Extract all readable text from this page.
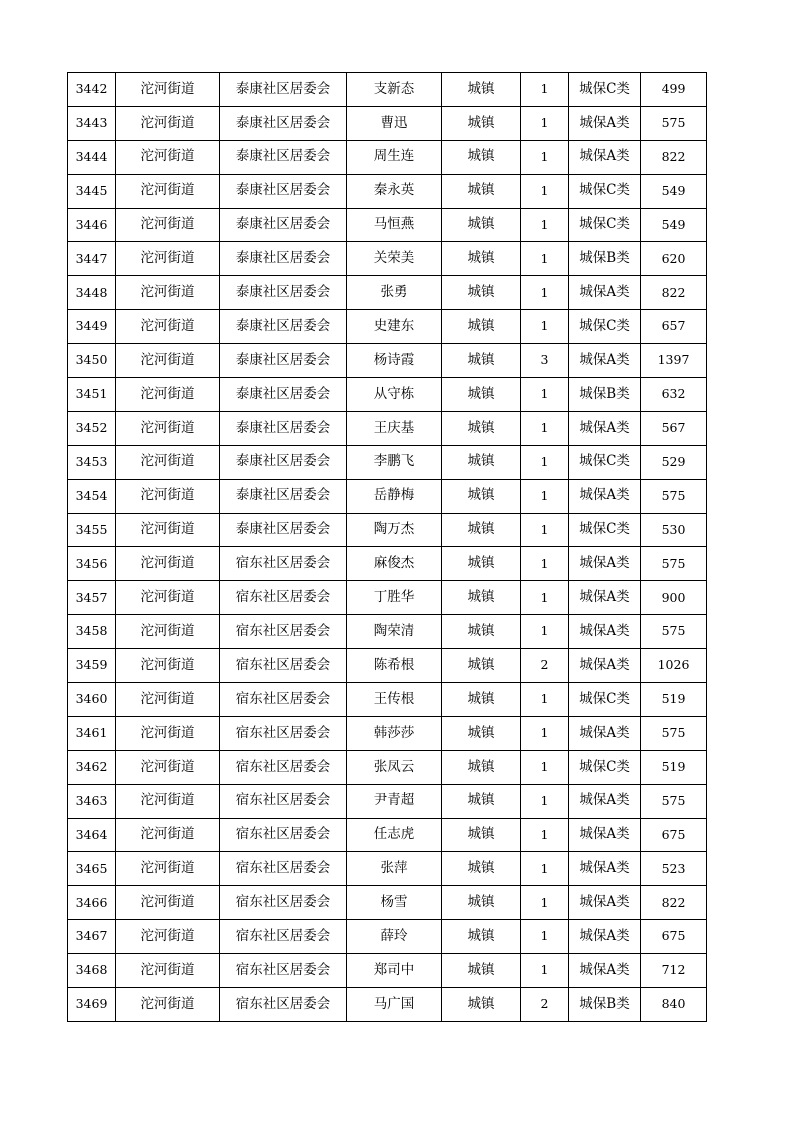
3442	沱河街道	泰康社区居委会	支新态	城镇	1	城保C类	499
3443	沱河街道	泰康社区居委会	曹迅	城镇	1	城保A类	575
3444	沱河街道	泰康社区居委会	周生连	城镇	1	城保A类	822
3445	沱河街道	泰康社区居委会	秦永英	城镇	1	城保C类	549
3446	沱河街道	泰康社区居委会	马恒燕	城镇	1	城保C类	549
3447	沱河街道	泰康社区居委会	关荣美	城镇	1	城保B类	620
3448	沱河街道	泰康社区居委会	张勇	城镇	1	城保A类	822
3449	沱河街道	泰康社区居委会	史建东	城镇	1	城保C类	657
3450	沱河街道	泰康社区居委会	杨诗霞	城镇	3	城保A类	1397
3451	沱河街道	泰康社区居委会	从守栋	城镇	1	城保B类	632
3452	沱河街道	泰康社区居委会	王庆基	城镇	1	城保A类	567
3453	沱河街道	泰康社区居委会	李鹏飞	城镇	1	城保C类	529
3454	沱河街道	泰康社区居委会	岳静梅	城镇	1	城保A类	575
3455	沱河街道	泰康社区居委会	陶万杰	城镇	1	城保C类	530
3456	沱河街道	宿东社区居委会	麻俊杰	城镇	1	城保A类	575
3457	沱河街道	宿东社区居委会	丁胜华	城镇	1	城保A类	900
3458	沱河街道	宿东社区居委会	陶荣清	城镇	1	城保A类	575
3459	沱河街道	宿东社区居委会	陈希根	城镇	2	城保A类	1026
3460	沱河街道	宿东社区居委会	王传根	城镇	1	城保C类	519
3461	沱河街道	宿东社区居委会	韩莎莎	城镇	1	城保A类	575
3462	沱河街道	宿东社区居委会	张凤云	城镇	1	城保C类	519
3463	沱河街道	宿东社区居委会	尹青超	城镇	1	城保A类	575
3464	沱河街道	宿东社区居委会	任志虎	城镇	1	城保A类	675
3465	沱河街道	宿东社区居委会	张萍	城镇	1	城保A类	523
3466	沱河街道	宿东社区居委会	杨雪	城镇	1	城保A类	822
3467	沱河街道	宿东社区居委会	薛玲	城镇	1	城保A类	675
3468	沱河街道	宿东社区居委会	郑司中	城镇	1	城保A类	712
3469	沱河街道	宿东社区居委会	马广国	城镇	2	城保B类	840
